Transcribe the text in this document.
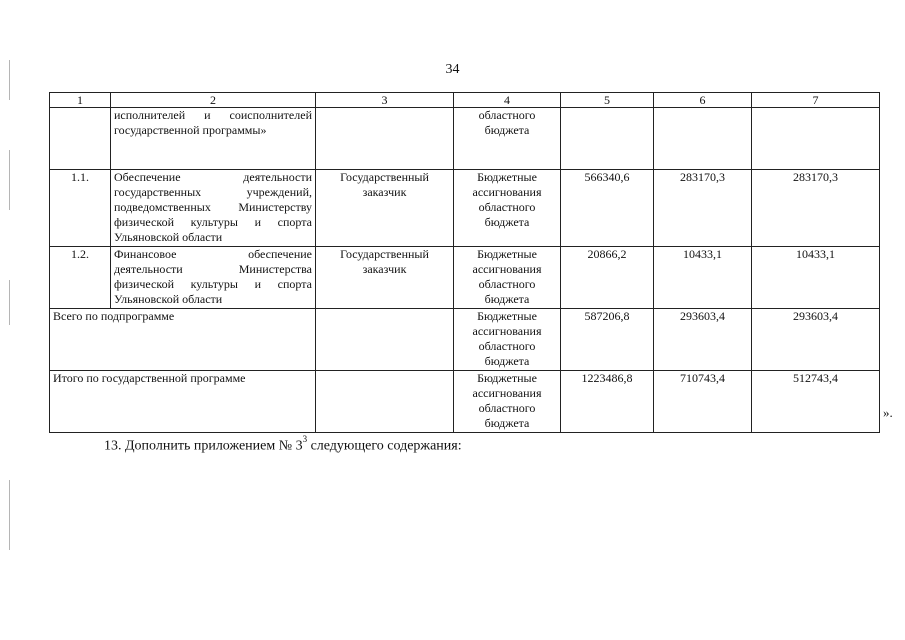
34
1	2	3	4	5	6	7
	исполнителей и соисполнителей государственной программы»		областного бюджета			
1.1.	Обеспечение деятельности государственных учреждений, подведомственных Министерству физической культуры и спорта Ульяновской области	Государственный заказчик	Бюджетные ассигнования областного бюджета	566340,6	283170,3	283170,3
1.2.	Финансовое обеспечение деятельности Министерства физической культуры и спорта Ульяновской области	Государственный заказчик	Бюджетные ассигнования областного бюджета	20866,2	10433,1	10433,1
Всего по подпрограмме			Бюджетные ассигнования областного бюджета	587206,8	293603,4	293603,4
Итого по государственной программе			Бюджетные ассигнования областного бюджета	1223486,8	710743,4	512743,4
».
13. Дополнить приложением № $3^3$ следующего содержания:
